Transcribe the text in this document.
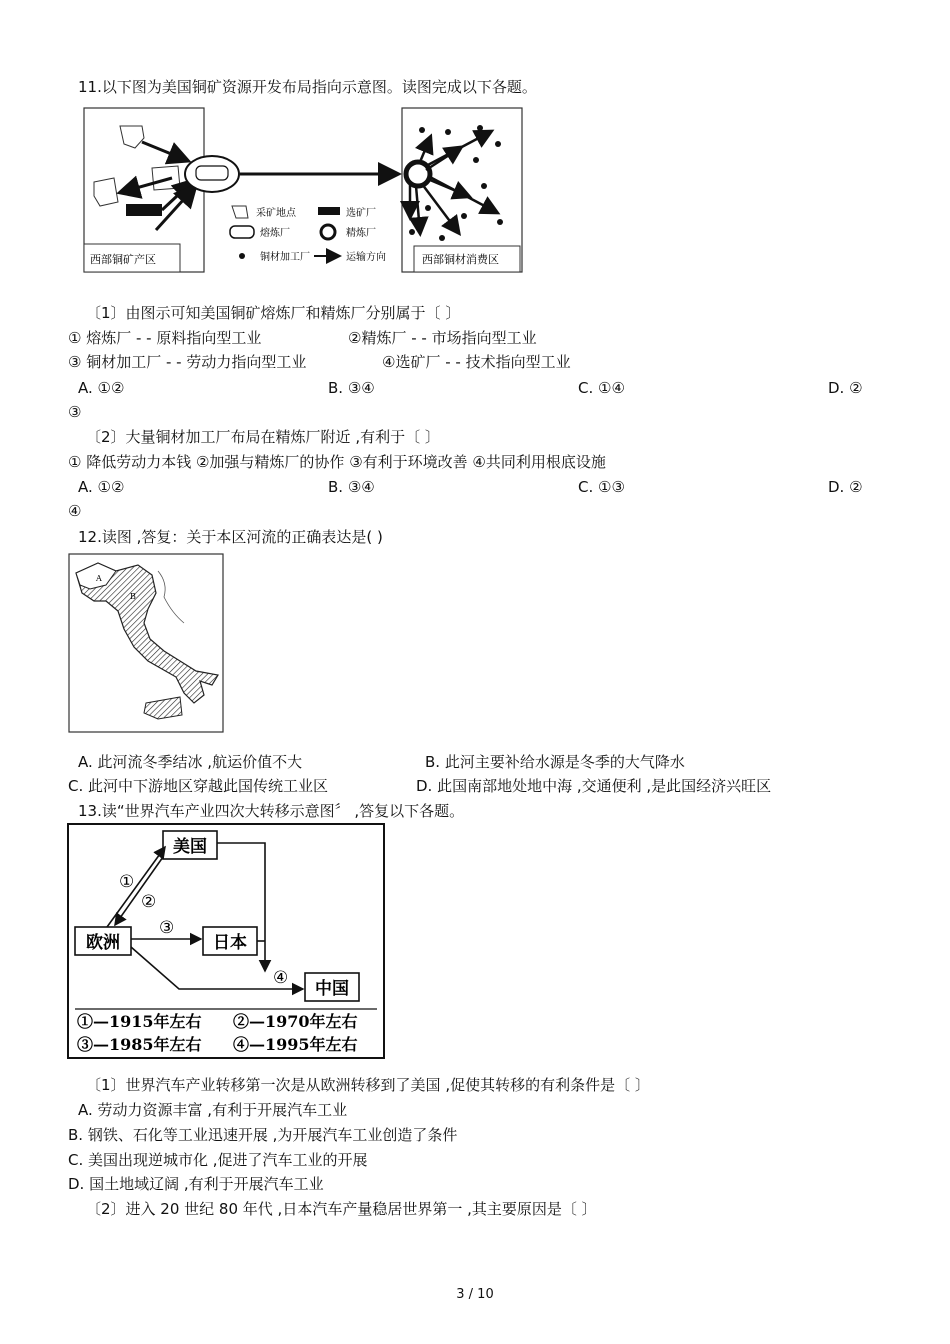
11.以下图为美国铜矿资源开发布局指向示意图。读图完成以下各题。
西部铜矿产区
采矿地点	选矿厂
熔炼厂	精炼厂
铜材加工厂	运输方向	西部铜材消费区
〔1〕由图示可知美国铜矿熔炼厂和精炼厂分别属于〔 〕
① 熔炼厂 - - 原料指向型工业	②精炼厂 - - 市场指向型工业
③ 铜材加工厂 - - 劳动力指向型工业	④选矿厂 - - 技术指向型工业
A. ①②	B. ③④	C. ①④	D. ②
③
〔2〕大量铜材加工厂布局在精炼厂附近 ,有利于〔 〕
① 降低劳动力本钱 ②加强与精炼厂的协作 ③有利于环境改善 ④共同利用根底设施
A. ①②	B. ③④	C. ①③	D. ②
④
12.读图 ,答复：关于本区河流的正确表达是( )
A
B
A. 此河流冬季结冰 ,航运价值不大	B. 此河主要补给水源是冬季的大气降水
C. 此河中下游地区穿越此国传统工业区	D. 此国南部地处地中海 ,交通便利 ,是此国经济兴旺区
13.读“世界汽车产业四次大转移示意图〞 ,答复以下各题。
美国
欧洲	日本
中国
①
②
③
④
①—1915年左右 ②—1970年左右
③—1985年左右 ④—1995年左右
〔1〕世界汽车产业转移第一次是从欧洲转移到了美国 ,促使其转移的有利条件是〔 〕
A. 劳动力资源丰富 ,有利于开展汽车工业
B. 钢铁、石化等工业迅速开展 ,为开展汽车工业创造了条件
C. 美国出现逆城市化 ,促进了汽车工业的开展
D. 国土地域辽阔 ,有利于开展汽车工业
〔2〕进入 20 世纪 80 年代 ,日本汽车产量稳居世界第一 ,其主要原因是〔 〕
3 / 10
